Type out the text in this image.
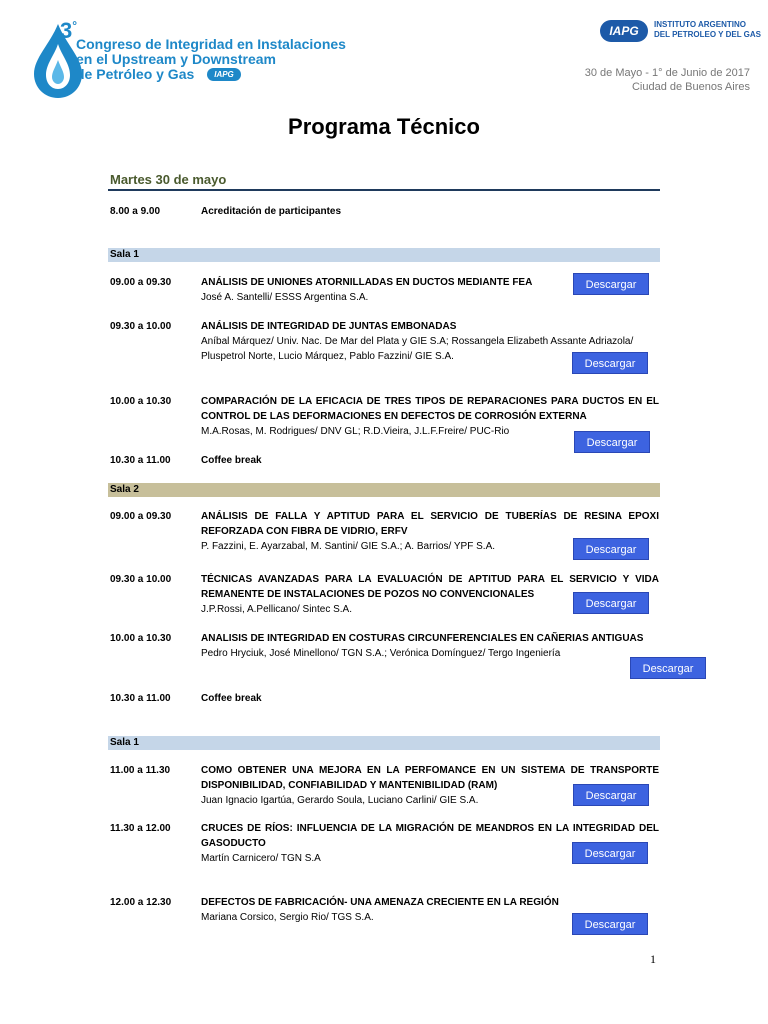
3°
Congreso de Integridad en Instalaciones
en el Upstream y Downstream
de Petróleo y Gas	IAPG
IAPG	INSTITUTO ARGENTINO
DEL PETROLEO Y DEL GAS
30 de Mayo - 1° de Junio de 2017
Ciudad de Buenos Aires
Programa Técnico
Martes 30 de mayo
8.00 a 9.00	Acreditación de participantes
Sala 1
09.00 a 09.30	ANÁLISIS DE UNIONES ATORNILLADAS EN DUCTOS MEDIANTE FEA
José A. Santelli/ ESSS Argentina S.A.
Descargar
09.30 a 10.00	ANÁLISIS DE INTEGRIDAD DE JUNTAS EMBONADAS
Aníbal Márquez/ Univ. Nac. De Mar del Plata y GIE S.A; Rossangela Elizabeth Assante Adriazola/ Pluspetrol Norte, Lucio Márquez, Pablo Fazzini/ GIE S.A.
Descargar
10.00 a 10.30	COMPARACIÓN DE LA EFICACIA DE TRES TIPOS DE REPARACIONES PARA DUCTOS EN EL CONTROL DE LAS DEFORMACIONES EN DEFECTOS DE CORROSIÓN EXTERNA
M.A.Rosas, M. Rodrigues/ DNV GL; R.D.Vieira, J.L.F.Freire/ PUC-Rio
Descargar
10.30 a 11.00	Coffee break
Sala 2
09.00 a 09.30	ANÁLISIS DE FALLA Y APTITUD PARA EL SERVICIO DE TUBERÍAS DE RESINA EPOXI REFORZADA CON FIBRA DE VIDRIO, ERFV
P. Fazzini, E. Ayarzabal, M. Santini/ GIE S.A.; A. Barrios/ YPF S.A.	Descargar
09.30 a 10.00	TÉCNICAS AVANZADAS PARA LA EVALUACIÓN DE APTITUD PARA EL SERVICIO Y VIDA REMANENTE DE INSTALACIONES DE POZOS NO CONVENCIONALES
J.P.Rossi, A.Pellicano/ Sintec S.A.	Descargar
10.00 a 10.30	ANALISIS DE INTEGRIDAD EN COSTURAS CIRCUNFERENCIALES EN CAÑERIAS ANTIGUAS
Pedro Hryciuk, José Minellono/ TGN S.A.; Verónica Domínguez/ Tergo Ingeniería
Descargar
10.30 a 11.00	Coffee break
Sala 1
11.00 a 11.30	COMO OBTENER UNA MEJORA EN LA PERFOMANCE EN UN SISTEMA DE TRANSPORTE DISPONIBILIDAD, CONFIABILIDAD Y MANTENIBILIDAD (RAM)
Juan Ignacio Igartúa, Gerardo Soula, Luciano Carlini/ GIE S.A.	Descargar
11.30 a 12.00	CRUCES DE RÍOS: INFLUENCIA DE LA MIGRACIÓN DE MEANDROS EN LA INTEGRIDAD DEL GASODUCTO
Martín Carnicero/ TGN S.A	Descargar
12.00 a 12.30	DEFECTOS DE FABRICACIÓN- UNA AMENAZA CRECIENTE EN LA REGIÓN
Mariana Corsico, Sergio Rio/ TGS S.A.
Descargar
1
